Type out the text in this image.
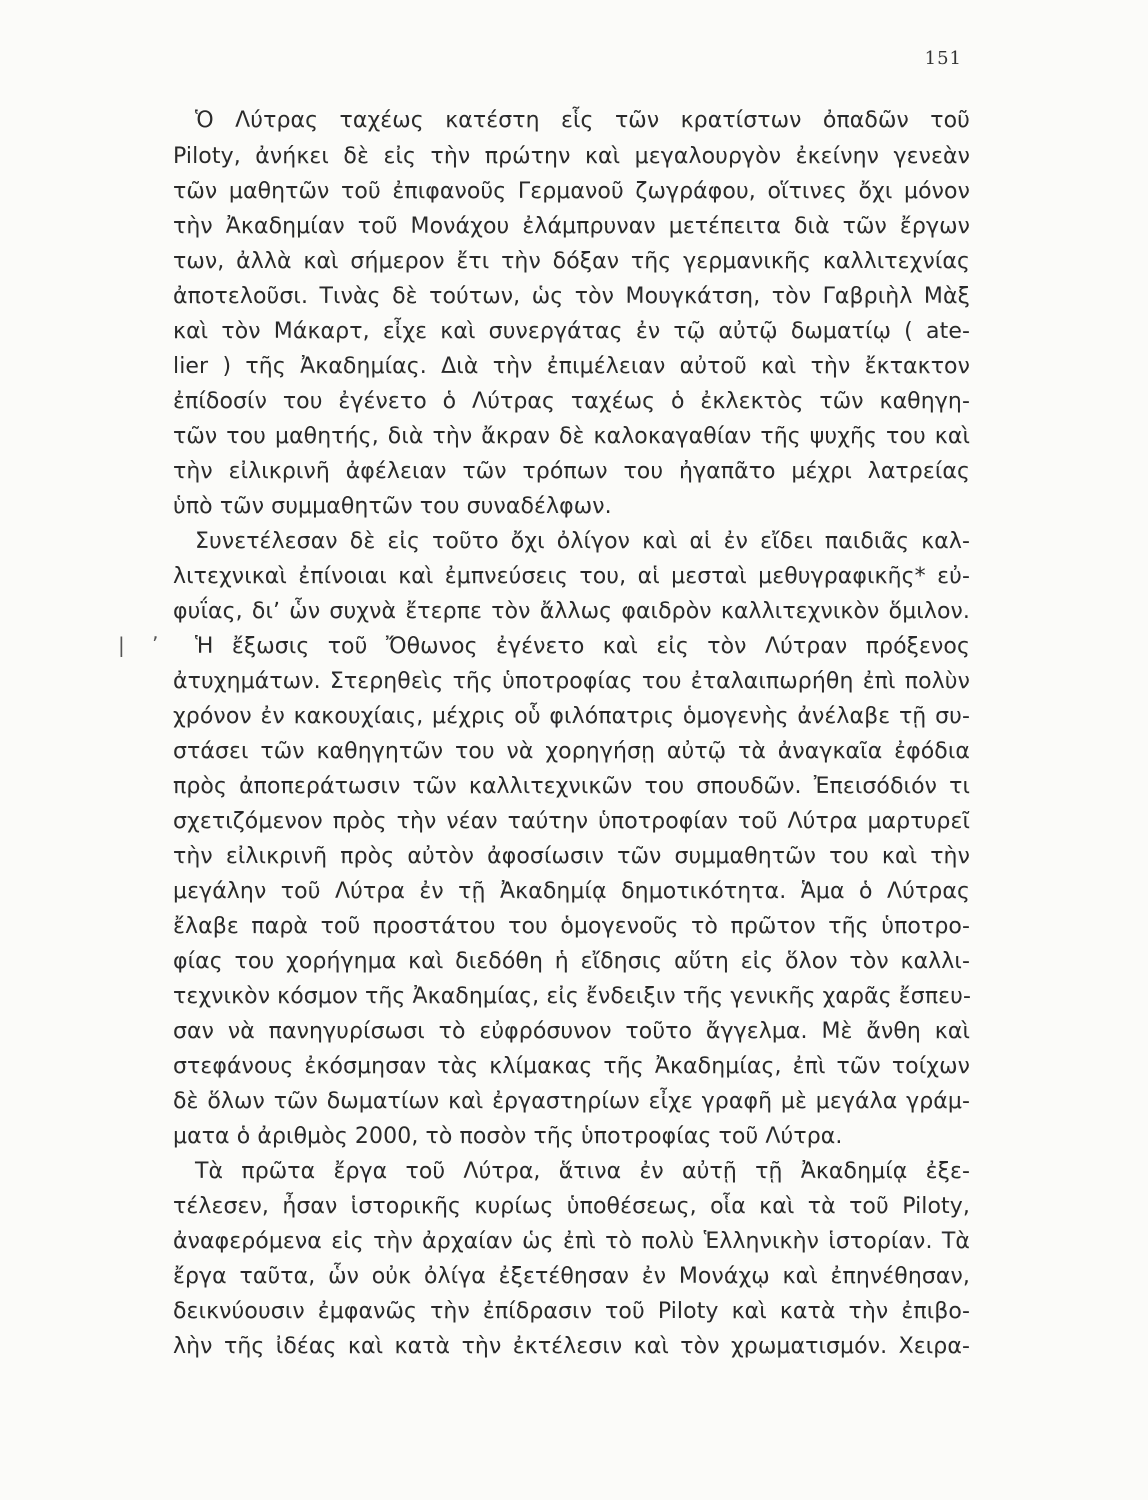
151
| ʼ
Ὁ Λύτρας ταχέως κατέστη εἷς τῶν κρατίστων ὀπαδῶν τοῦ
Piloty, ἀνήκει δὲ εἰς τὴν πρώτην καὶ μεγαλουργὸν ἐκείνην γενεὰν
τῶν μαθητῶν τοῦ ἐπιφανοῦς Γερμανοῦ ζωγράφου, οἵτινες ὄχι μόνον
τὴν Ἀκαδημίαν τοῦ Μονάχου ἐλάμπρυναν μετέπειτα διὰ τῶν ἔργων
των, ἀλλὰ καὶ σήμερον ἔτι τὴν δόξαν τῆς γερμανικῆς καλλιτεχνίας
ἀποτελοῦσι. Τινὰς δὲ τούτων, ὡς τὸν Μουγκάτση, τὸν Γαβριὴλ Μὰξ
καὶ τὸν Μάκαρτ, εἶχε καὶ συνεργάτας ἐν τῷ αὐτῷ δωματίῳ ( ate-
lier ) τῆς Ἀκαδημίας. Διὰ τὴν ἐπιμέλειαν αὐτοῦ καὶ τὴν ἔκτακτον
ἐπίδοσίν του ἐγένετο ὁ Λύτρας ταχέως ὁ ἐκλεκτὸς τῶν καθηγη-
τῶν του μαθητής, διὰ τὴν ἄκραν δὲ καλοκαγαθίαν τῆς ψυχῆς του καὶ
τὴν εἰλικρινῆ ἀφέλειαν τῶν τρόπων του ἠγαπᾶτο μέχρι λατρείας
ὑπὸ τῶν συμμαθητῶν του συναδέλφων.
Συνετέλεσαν δὲ εἰς τοῦτο ὄχι ὀλίγον καὶ αἱ ἐν εἴδει παιδιᾶς καλ-
λιτεχνικαὶ ἐπίνοιαι καὶ ἐμπνεύσεις του, αἱ μεσταὶ μεθυγραφικῆς* εὐ-
φυΐας, διʼ ὧν συχνὰ ἔτερπε τὸν ἄλλως φαιδρὸν καλλιτεχνικὸν ὅμιλον.
Ἡ ἔξωσις τοῦ Ὄθωνος ἐγένετο καὶ εἰς τὸν Λύτραν πρόξενος
ἀτυχημάτων. Στερηθεὶς τῆς ὑποτροφίας του ἐταλαιπωρήθη ἐπὶ πολὺν
χρόνον ἐν κακουχίαις, μέχρις οὗ φιλόπατρις ὁμογενὴς ἀνέλαβε τῇ συ-
στάσει τῶν καθηγητῶν του νὰ χορηγήσῃ αὐτῷ τὰ ἀναγκαῖα ἐφόδια
πρὸς ἀποπεράτωσιν τῶν καλλιτεχνικῶν του σπουδῶν. Ἐπεισόδιόν τι
σχετιζόμενον πρὸς τὴν νέαν ταύτην ὑποτροφίαν τοῦ Λύτρα μαρτυρεῖ
τὴν εἰλικρινῆ πρὸς αὐτὸν ἀφοσίωσιν τῶν συμμαθητῶν του καὶ τὴν
μεγάλην τοῦ Λύτρα ἐν τῇ Ἀκαδημίᾳ δημοτικότητα. Ἁμα ὁ Λύτρας
ἔλαβε παρὰ τοῦ προστάτου του ὁμογενοῦς τὸ πρῶτον τῆς ὑποτρο-
φίας του χορήγημα καὶ διεδόθη ἡ εἴδησις αὕτη εἰς ὅλον τὸν καλλι-
τεχνικὸν κόσμον τῆς Ἀκαδημίας, εἰς ἔνδειξιν τῆς γενικῆς χαρᾶς ἔσπευ-
σαν νὰ πανηγυρίσωσι τὸ εὐφρόσυνον τοῦτο ἄγγελμα. Μὲ ἄνθη καὶ
στεφάνους ἐκόσμησαν τὰς κλίμακας τῆς Ἀκαδημίας, ἐπὶ τῶν τοίχων
δὲ ὅλων τῶν δωματίων καὶ ἐργαστηρίων εἶχε γραφῆ μὲ μεγάλα γράμ-
ματα ὁ ἀριθμὸς 2000, τὸ ποσὸν τῆς ὑποτροφίας τοῦ Λύτρα.
Τὰ πρῶτα ἔργα τοῦ Λύτρα, ἅτινα ἐν αὐτῇ τῇ Ἀκαδημίᾳ ἐξε-
τέλεσεν, ἦσαν ἱστορικῆς κυρίως ὑποθέσεως, οἷα καὶ τὰ τοῦ Piloty,
ἀναφερόμενα εἰς τὴν ἀρχαίαν ὡς ἐπὶ τὸ πολὺ Ἑλληνικὴν ἱστορίαν. Τὰ
ἔργα ταῦτα, ὧν οὐκ ὀλίγα ἐξετέθησαν ἐν Μονάχῳ καὶ ἐπηνέθησαν,
δεικνύουσιν ἐμφανῶς τὴν ἐπίδρασιν τοῦ Piloty καὶ κατὰ τὴν ἐπιβο-
λὴν τῆς ἰδέας καὶ κατὰ τὴν ἐκτέλεσιν καὶ τὸν χρωματισμόν. Χειρα-
